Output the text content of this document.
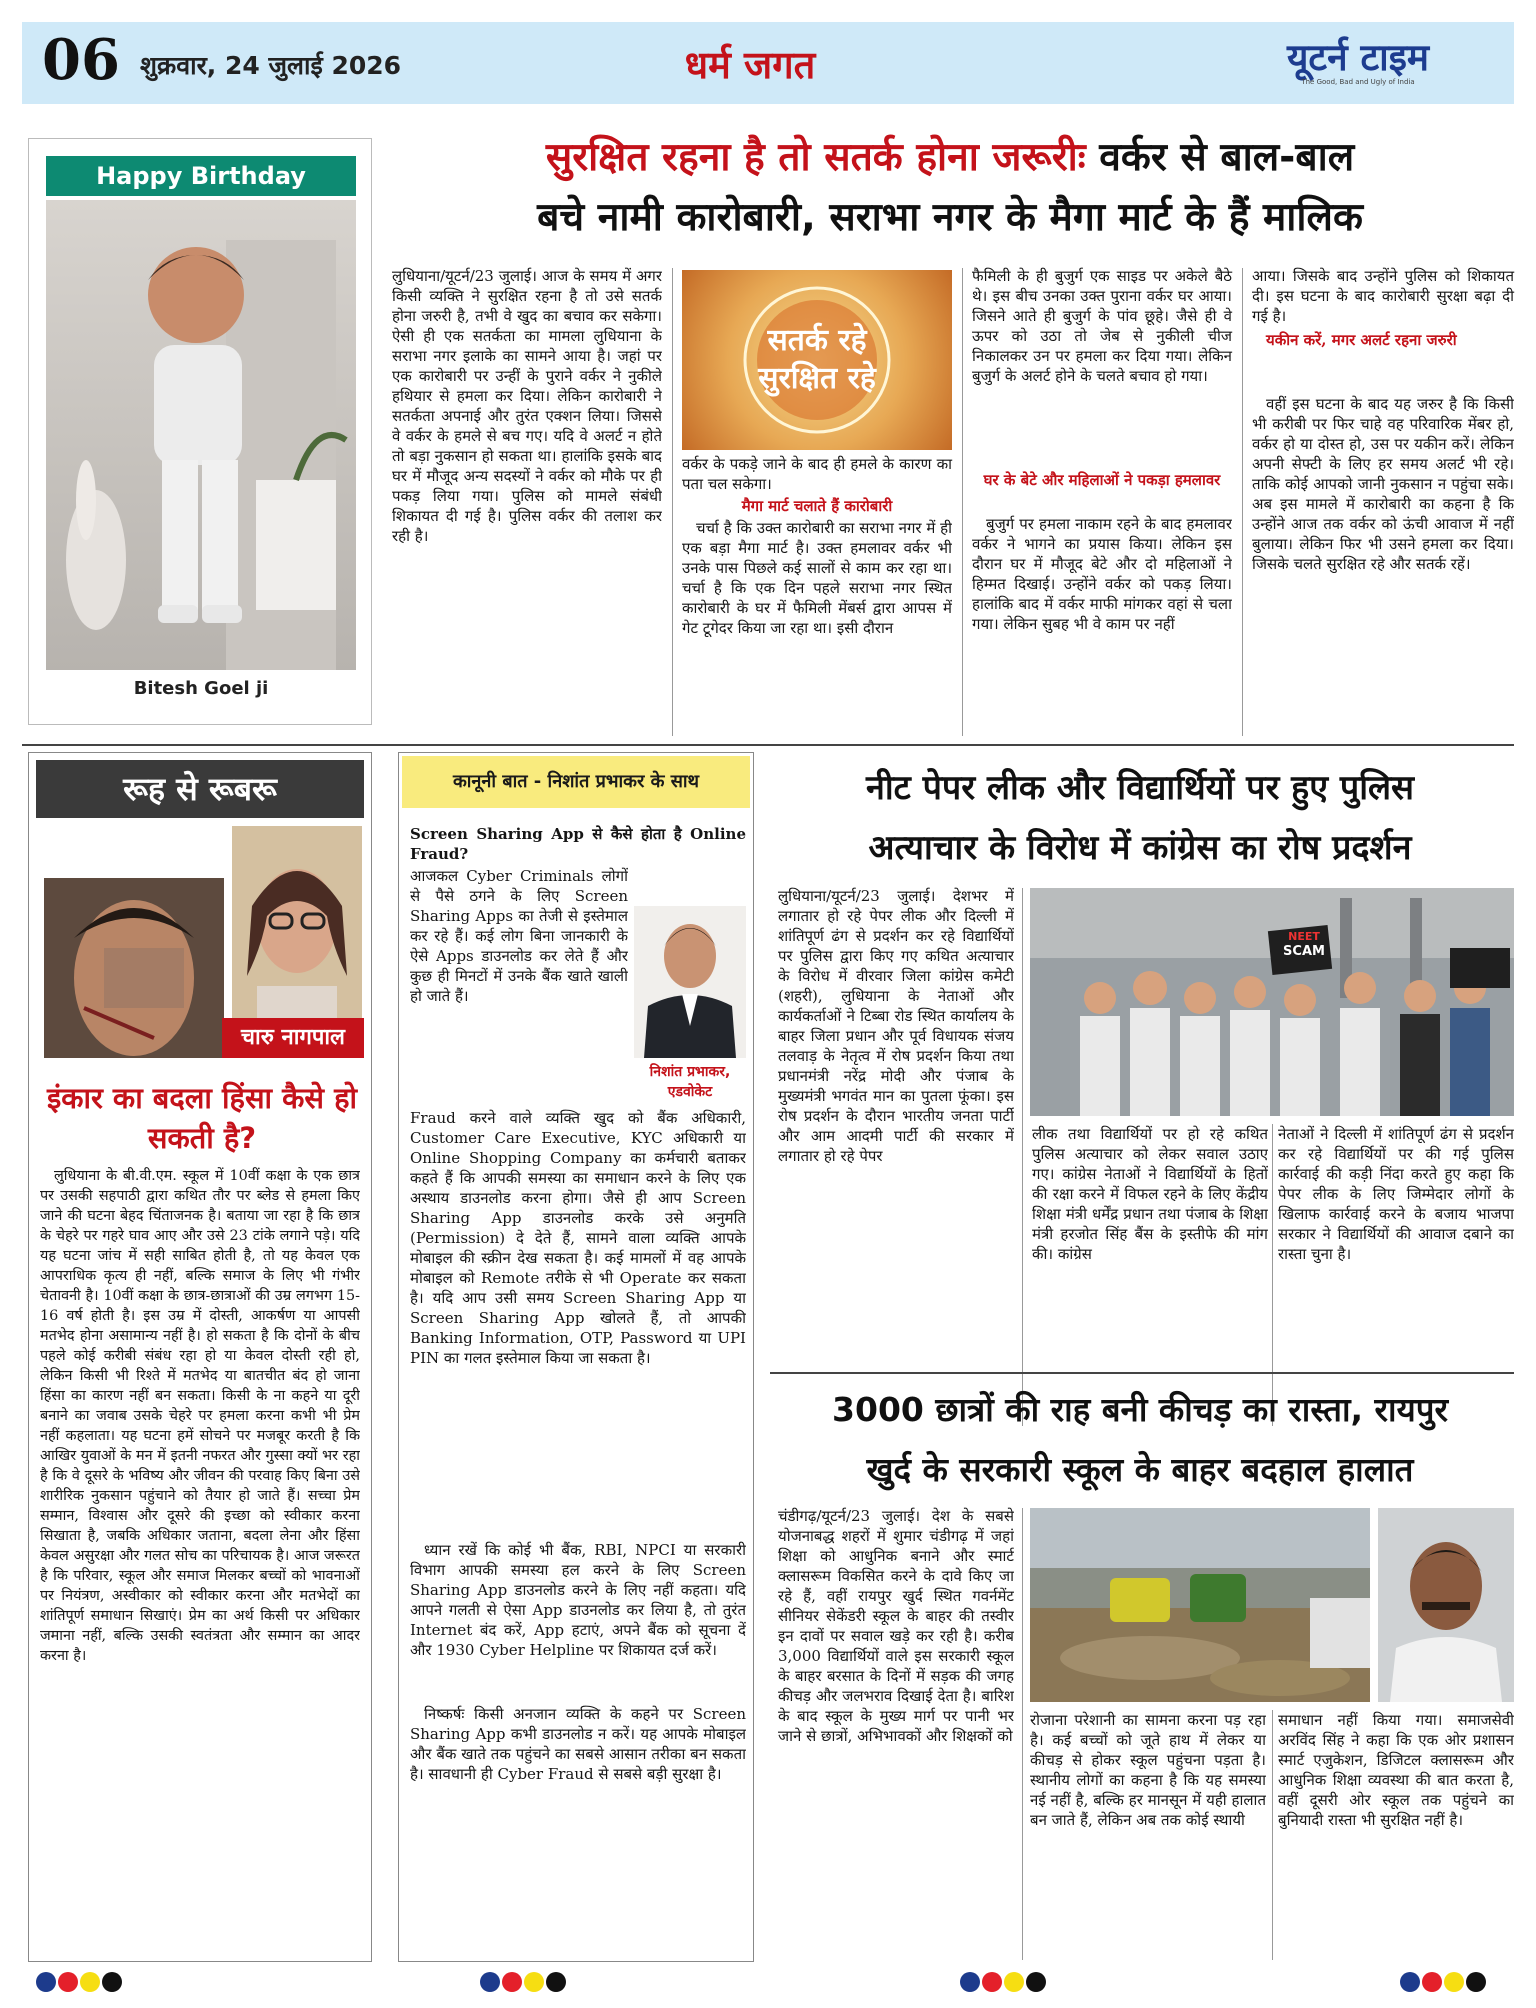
06 शुक्रवार, 24 जुलाई 2026	धर्म जगत	यूटर्न टाइम
The Good, Bad and Ugly of India
Happy Birthday
Bitesh Goel ji
सुरक्षित रहना है तो सतर्क होना जरूरीः वर्कर से बाल-बाल
बचे नामी कारोबारी, सराभा नगर के मैगा मार्ट के हैं मालिक
लुधियाना/यूटर्न/23 जुलाई। आज के समय में अगर किसी व्यक्ति ने सुरक्षित रहना है तो उसे सतर्क होना जरुरी है, तभी वे खुद का बचाव कर सकेगा। ऐसी ही एक सतर्कता का मामला लुधियाना के सराभा नगर इलाके का सामने आया है। जहां पर एक कारोबारी पर उन्हीं के पुराने वर्कर ने नुकीले हथियार से हमला कर दिया। लेकिन कारोबारी ने सतर्कता अपनाई और तुरंत एक्शन लिया। जिससे वे वर्कर के हमले से बच गए। यदि वे अलर्ट न होते तो बड़ा नुकसान हो सकता था। हालांकि इसके बाद घर में मौजूद अन्य सदस्यों ने वर्कर को मौके पर ही पकड़ लिया गया। पुलिस को मामले संबंधी शिकायत दी गई है। पुलिस वर्कर की तलाश कर रही है।
सतर्क रहे
सुरक्षित रहे
वर्कर के पकड़े जाने के बाद ही हमले के कारण का पता चल सकेगा।
मैगा मार्ट चलाते हैं कारोबारी
चर्चा है कि उक्त कारोबारी का सराभा नगर में ही एक बड़ा मैगा मार्ट है। उक्त हमलावर वर्कर भी उनके पास पिछले कई सालों से काम कर रहा था। चर्चा है कि एक दिन पहले सराभा नगर स्थित कारोबारी के घर में फैमिली मेंबर्स द्वारा आपस में गेट टूगेदर किया जा रहा था। इसी दौरान
फैमिली के ही बुजुर्ग एक साइड पर अकेले बैठे थे। इस बीच उनका उक्त पुराना वर्कर घर आया। जिसने आते ही बुजुर्ग के पांव छूहे। जैसे ही वे ऊपर को उठा तो जेब से नुकीली चीज निकालकर उन पर हमला कर दिया गया। लेकिन बुजुर्ग के अलर्ट होने के चलते बचाव हो गया।
घर के बेटे और महिलाओं ने पकड़ा हमलावर
बुजुर्ग पर हमला नाकाम रहने के बाद हमलावर वर्कर ने भागने का प्रयास किया। लेकिन इस दौरान घर में मौजूद बेटे और दो महिलाओं ने हिम्मत दिखाई। उन्होंने वर्कर को पकड़ लिया। हालांकि बाद में वर्कर माफी मांगकर वहां से चला गया। लेकिन सुबह भी वे काम पर नहीं
आया। जिसके बाद उन्होंने पुलिस को शिकायत दी। इस घटना के बाद कारोबारी सुरक्षा बढ़ा दी गई है।
यकीन करें, मगर अलर्ट रहना जरुरी
वहीं इस घटना के बाद यह जरुर है कि किसी भी करीबी पर फिर चाहे वह परिवारिक मेंबर हो, वर्कर हो या दोस्त हो, उस पर यकीन करें। लेकिन अपनी सेफ्टी के लिए हर समय अलर्ट भी रहे। ताकि कोई आपको जानी नुकसान न पहुंचा सके। अब इस मामले में कारोबारी का कहना है कि उन्होंने आज तक वर्कर को ऊंची आवाज में नहीं बुलाया। लेकिन फिर भी उसने हमला कर दिया। जिसके चलते सुरक्षित रहे और सतर्क रहें।
रूह से रूबरू
चारु नागपाल
इंकार का बदला हिंसा कैसे हो सकती है?
लुधियाना के बी.वी.एम. स्कूल में 10वीं कक्षा के एक छात्र पर उसकी सहपाठी द्वारा कथित तौर पर ब्लेड से हमला किए जाने की घटना बेहद चिंताजनक है। बताया जा रहा है कि छात्र के चेहरे पर गहरे घाव आए और उसे 23 टांके लगाने पड़े। यदि यह घटना जांच में सही साबित होती है, तो यह केवल एक आपराधिक कृत्य ही नहीं, बल्कि समाज के लिए भी गंभीर चेतावनी है। 10वीं कक्षा के छात्र-छात्राओं की उम्र लगभग 15-16 वर्ष होती है। इस उम्र में दोस्ती, आकर्षण या आपसी मतभेद होना असामान्य नहीं है। हो सकता है कि दोनों के बीच पहले कोई करीबी संबंध रहा हो या केवल दोस्ती रही हो, लेकिन किसी भी रिश्ते में मतभेद या बातचीत बंद हो जाना हिंसा का कारण नहीं बन सकता। किसी के ना कहने या दूरी बनाने का जवाब उसके चेहरे पर हमला करना कभी भी प्रेम नहीं कहलाता। यह घटना हमें सोचने पर मजबूर करती है कि आखिर युवाओं के मन में इतनी नफरत और गुस्सा क्यों भर रहा है कि वे दूसरे के भविष्य और जीवन की परवाह किए बिना उसे शारीरिक नुकसान पहुंचाने को तैयार हो जाते हैं। सच्चा प्रेम सम्मान, विश्वास और दूसरे की इच्छा को स्वीकार करना सिखाता है, जबकि अधिकार जताना, बदला लेना और हिंसा केवल असुरक्षा और गलत सोच का परिचायक है। आज जरूरत है कि परिवार, स्कूल और समाज मिलकर बच्चों को भावनाओं पर नियंत्रण, अस्वीकार को स्वीकार करना और मतभेदों का शांतिपूर्ण समाधान सिखाएं। प्रेम का अर्थ किसी पर अधिकार जमाना नहीं, बल्कि उसकी स्वतंत्रता और सम्मान का आदर करना है।
कानूनी बात - निशांत प्रभाकर के साथ
Screen Sharing App से कैसे होता है Online Fraud?
निशांत प्रभाकर,
एडवोकेट
आजकल Cyber Criminals लोगों से पैसे ठगने के लिए Screen Sharing Apps का तेजी से इस्तेमाल कर रहे हैं। कई लोग बिना जानकारी के ऐसे Apps डाउनलोड कर लेते हैं और कुछ ही मिनटों में उनके बैंक खाते खाली हो जाते हैं।
Fraud करने वाले व्यक्ति खुद को बैंक अधिकारी, Customer Care Executive, KYC अधिकारी या Online Shopping Company का कर्मचारी बताकर कहते हैं कि आपकी समस्या का समाधान करने के लिए एक अस्थाय डाउनलोड करना होगा। जैसे ही आप Screen Sharing App डाउनलोड करके उसे अनुमति (Permission) दे देते हैं, सामने वाला व्यक्ति आपके मोबाइल की स्क्रीन देख सकता है। कई मामलों में वह आपके मोबाइल को Remote तरीके से भी Operate कर सकता है। यदि आप उसी समय Screen Sharing App या Screen Sharing App खोलते हैं, तो आपकी Banking Information, OTP, Password या UPI PIN का गलत इस्तेमाल किया जा सकता है।
ध्यान रखें कि कोई भी बैंक, RBI, NPCI या सरकारी विभाग आपकी समस्या हल करने के लिए Screen Sharing App डाउनलोड करने के लिए नहीं कहता। यदि आपने गलती से ऐसा App डाउनलोड कर लिया है, तो तुरंत Internet बंद करें, App हटाएं, अपने बैंक को सूचना दें और 1930 Cyber Helpline पर शिकायत दर्ज करें।
निष्कर्षः किसी अनजान व्यक्ति के कहने पर Screen Sharing App कभी डाउनलोड न करें। यह आपके मोबाइल और बैंक खाते तक पहुंचने का सबसे आसान तरीका बन सकता है। सावधानी ही Cyber Fraud से सबसे बड़ी सुरक्षा है।
नीट पेपर लीक और विद्यार्थियों पर हुए पुलिस
अत्याचार के विरोध में कांग्रेस का रोष प्रदर्शन
लुधियाना/यूटर्न/23 जुलाई। देशभर में लगातार हो रहे पेपर लीक और दिल्ली में शांतिपूर्ण ढंग से प्रदर्शन कर रहे विद्यार्थियों पर पुलिस द्वारा किए गए कथित अत्याचार के विरोध में वीरवार जिला कांग्रेस कमेटी (शहरी), लुधियाना के नेताओं और कार्यकर्ताओं ने टिब्बा रोड स्थित कार्यालय के बाहर जिला प्रधान और पूर्व विधायक संजय तलवाड़ के नेतृत्व में रोष प्रदर्शन किया तथा प्रधानमंत्री नरेंद्र मोदी और पंजाब के मुख्यमंत्री भगवंत मान का पुतला फूंका। इस रोष प्रदर्शन के दौरान भारतीय जनता पार्टी और आम आदमी पार्टी की सरकार में लगातार हो रहे पेपर
NEET
SCAM
लीक तथा विद्यार्थियों पर हो रहे कथित पुलिस अत्याचार को लेकर सवाल उठाए गए। कांग्रेस नेताओं ने विद्यार्थियों के हितों की रक्षा करने में विफल रहने के लिए केंद्रीय शिक्षा मंत्री धर्मेंद्र प्रधान तथा पंजाब के शिक्षा मंत्री हरजोत सिंह बैंस के इस्तीफे की मांग की। कांग्रेस
नेताओं ने दिल्ली में शांतिपूर्ण ढंग से प्रदर्शन कर रहे विद्यार्थियों पर की गई पुलिस कार्रवाई की कड़ी निंदा करते हुए कहा कि पेपर लीक के लिए जिम्मेदार लोगों के खिलाफ कार्रवाई करने के बजाय भाजपा सरकार ने विद्यार्थियों की आवाज दबाने का रास्ता चुना है।
3000 छात्रों की राह बनी कीचड़ का रास्ता, रायपुर
खुर्द के सरकारी स्कूल के बाहर बदहाल हालात
चंडीगढ़/यूटर्न/23 जुलाई। देश के सबसे योजनाबद्ध शहरों में शुमार चंडीगढ़ में जहां शिक्षा को आधुनिक बनाने और स्मार्ट क्लासरूम विकसित करने के दावे किए जा रहे हैं, वहीं रायपुर खुर्द स्थित गवर्नमेंट सीनियर सेकेंडरी स्कूल के बाहर की तस्वीर इन दावों पर सवाल खड़े कर रही है। करीब 3,000 विद्यार्थियों वाले इस सरकारी स्कूल के बाहर बरसात के दिनों में सड़क की जगह कीचड़ और जलभराव दिखाई देता है। बारिश के बाद स्कूल के मुख्य मार्ग पर पानी भर जाने से छात्रों, अभिभावकों और शिक्षकों को
रोजाना परेशानी का सामना करना पड़ रहा है। कई बच्चों को जूते हाथ में लेकर या कीचड़ से होकर स्कूल पहुंचना पड़ता है। स्थानीय लोगों का कहना है कि यह समस्या नई नहीं है, बल्कि हर मानसून में यही हालात बन जाते हैं, लेकिन अब तक कोई स्थायी
समाधान नहीं किया गया। समाजसेवी अरविंद सिंह ने कहा कि एक ओर प्रशासन स्मार्ट एजुकेशन, डिजिटल क्लासरूम और आधुनिक शिक्षा व्यवस्था की बात करता है, वहीं दूसरी ओर स्कूल तक पहुंचने का बुनियादी रास्ता भी सुरक्षित नहीं है।
